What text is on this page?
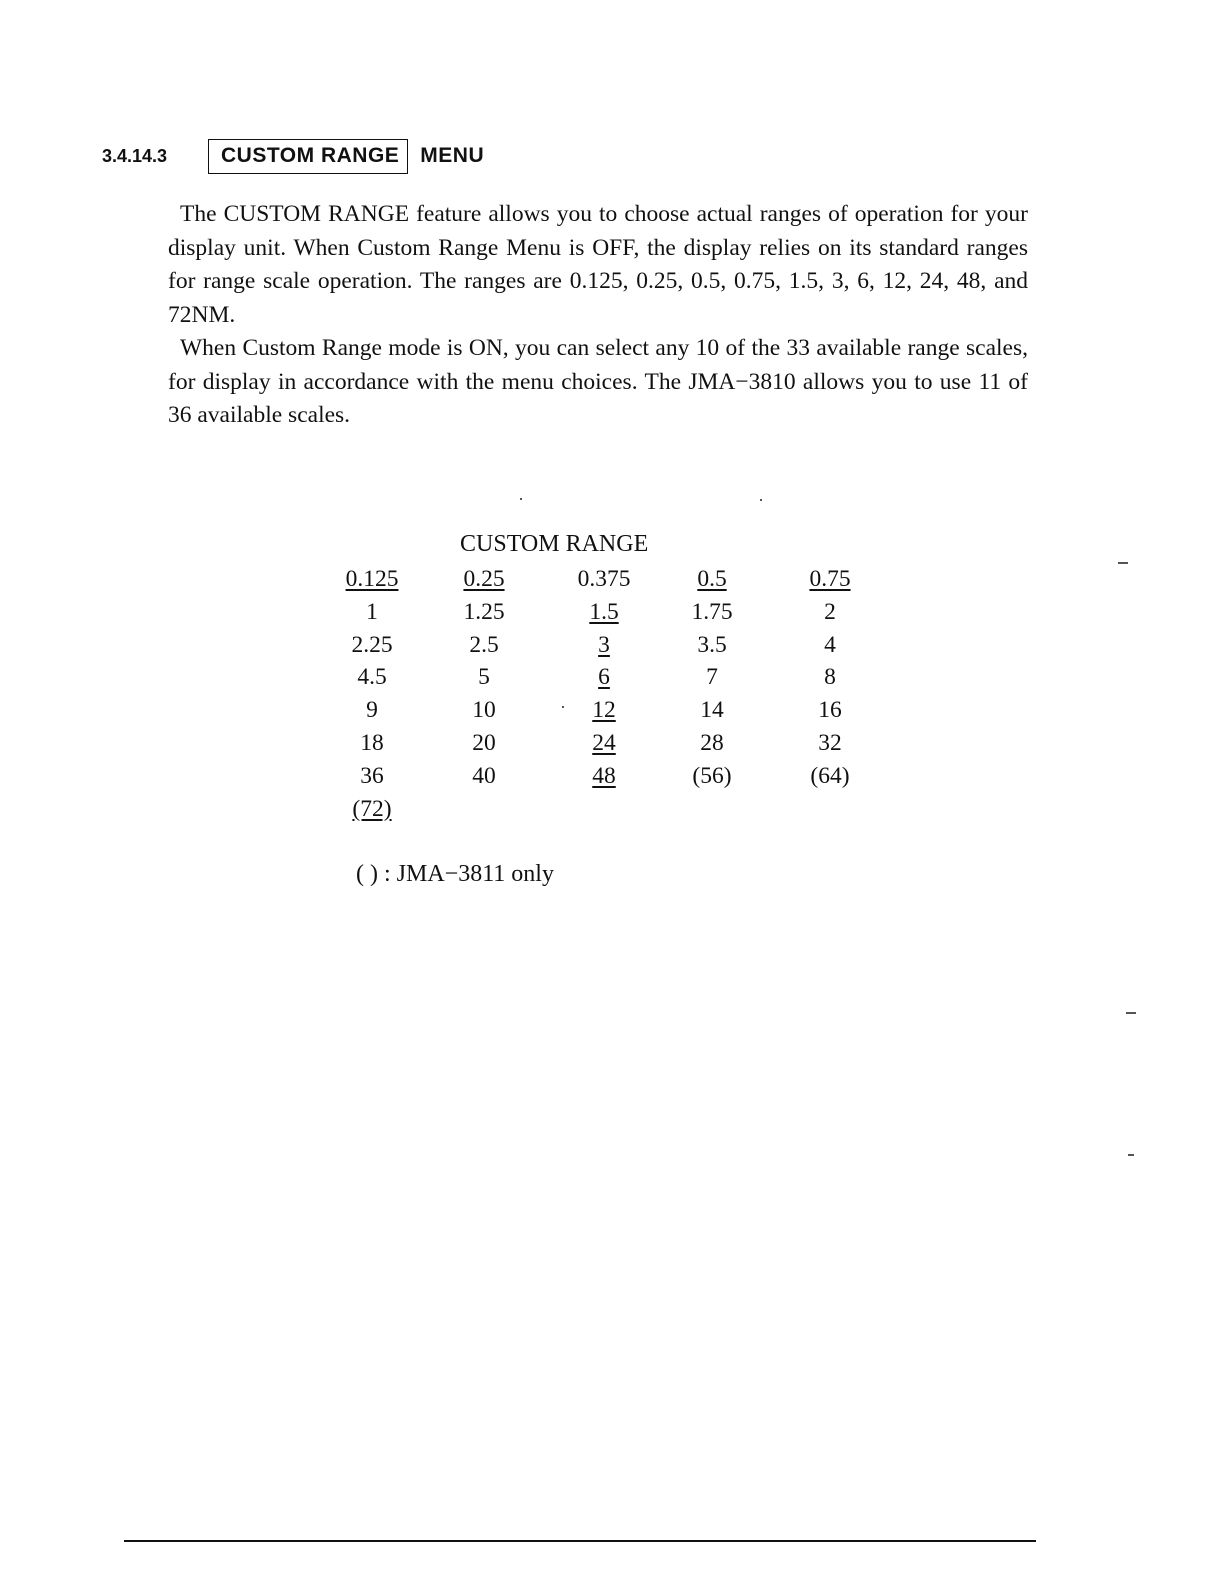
3.4.14.3	CUSTOM RANGE	MENU

The CUSTOM RANGE feature allows you to choose actual ranges of operation for your display unit. When Custom Range Menu is OFF, the display relies on its standard ranges for range scale operation. The ranges are 0.125, 0.25, 0.5, 0.75, 1.5, 3, 6, 12, 24, 48, and 72NM.

When Custom Range mode is ON, you can select any 10 of the 33 available range scales, for display in accordance with the menu choices. The JMA−3810 allows you to use 11 of 36 available scales.

CUSTOM RANGE
0.125	0.25	0.375	0.5	0.75
1	1.25	1.5	1.75	2
2.25	2.5	3	3.5	4
4.5	5	6	7	8
9	10	12	14	16
18	20	24	28	32
36	40	48	(56)	(64)
(72)
( ) : JMA−3811 only
